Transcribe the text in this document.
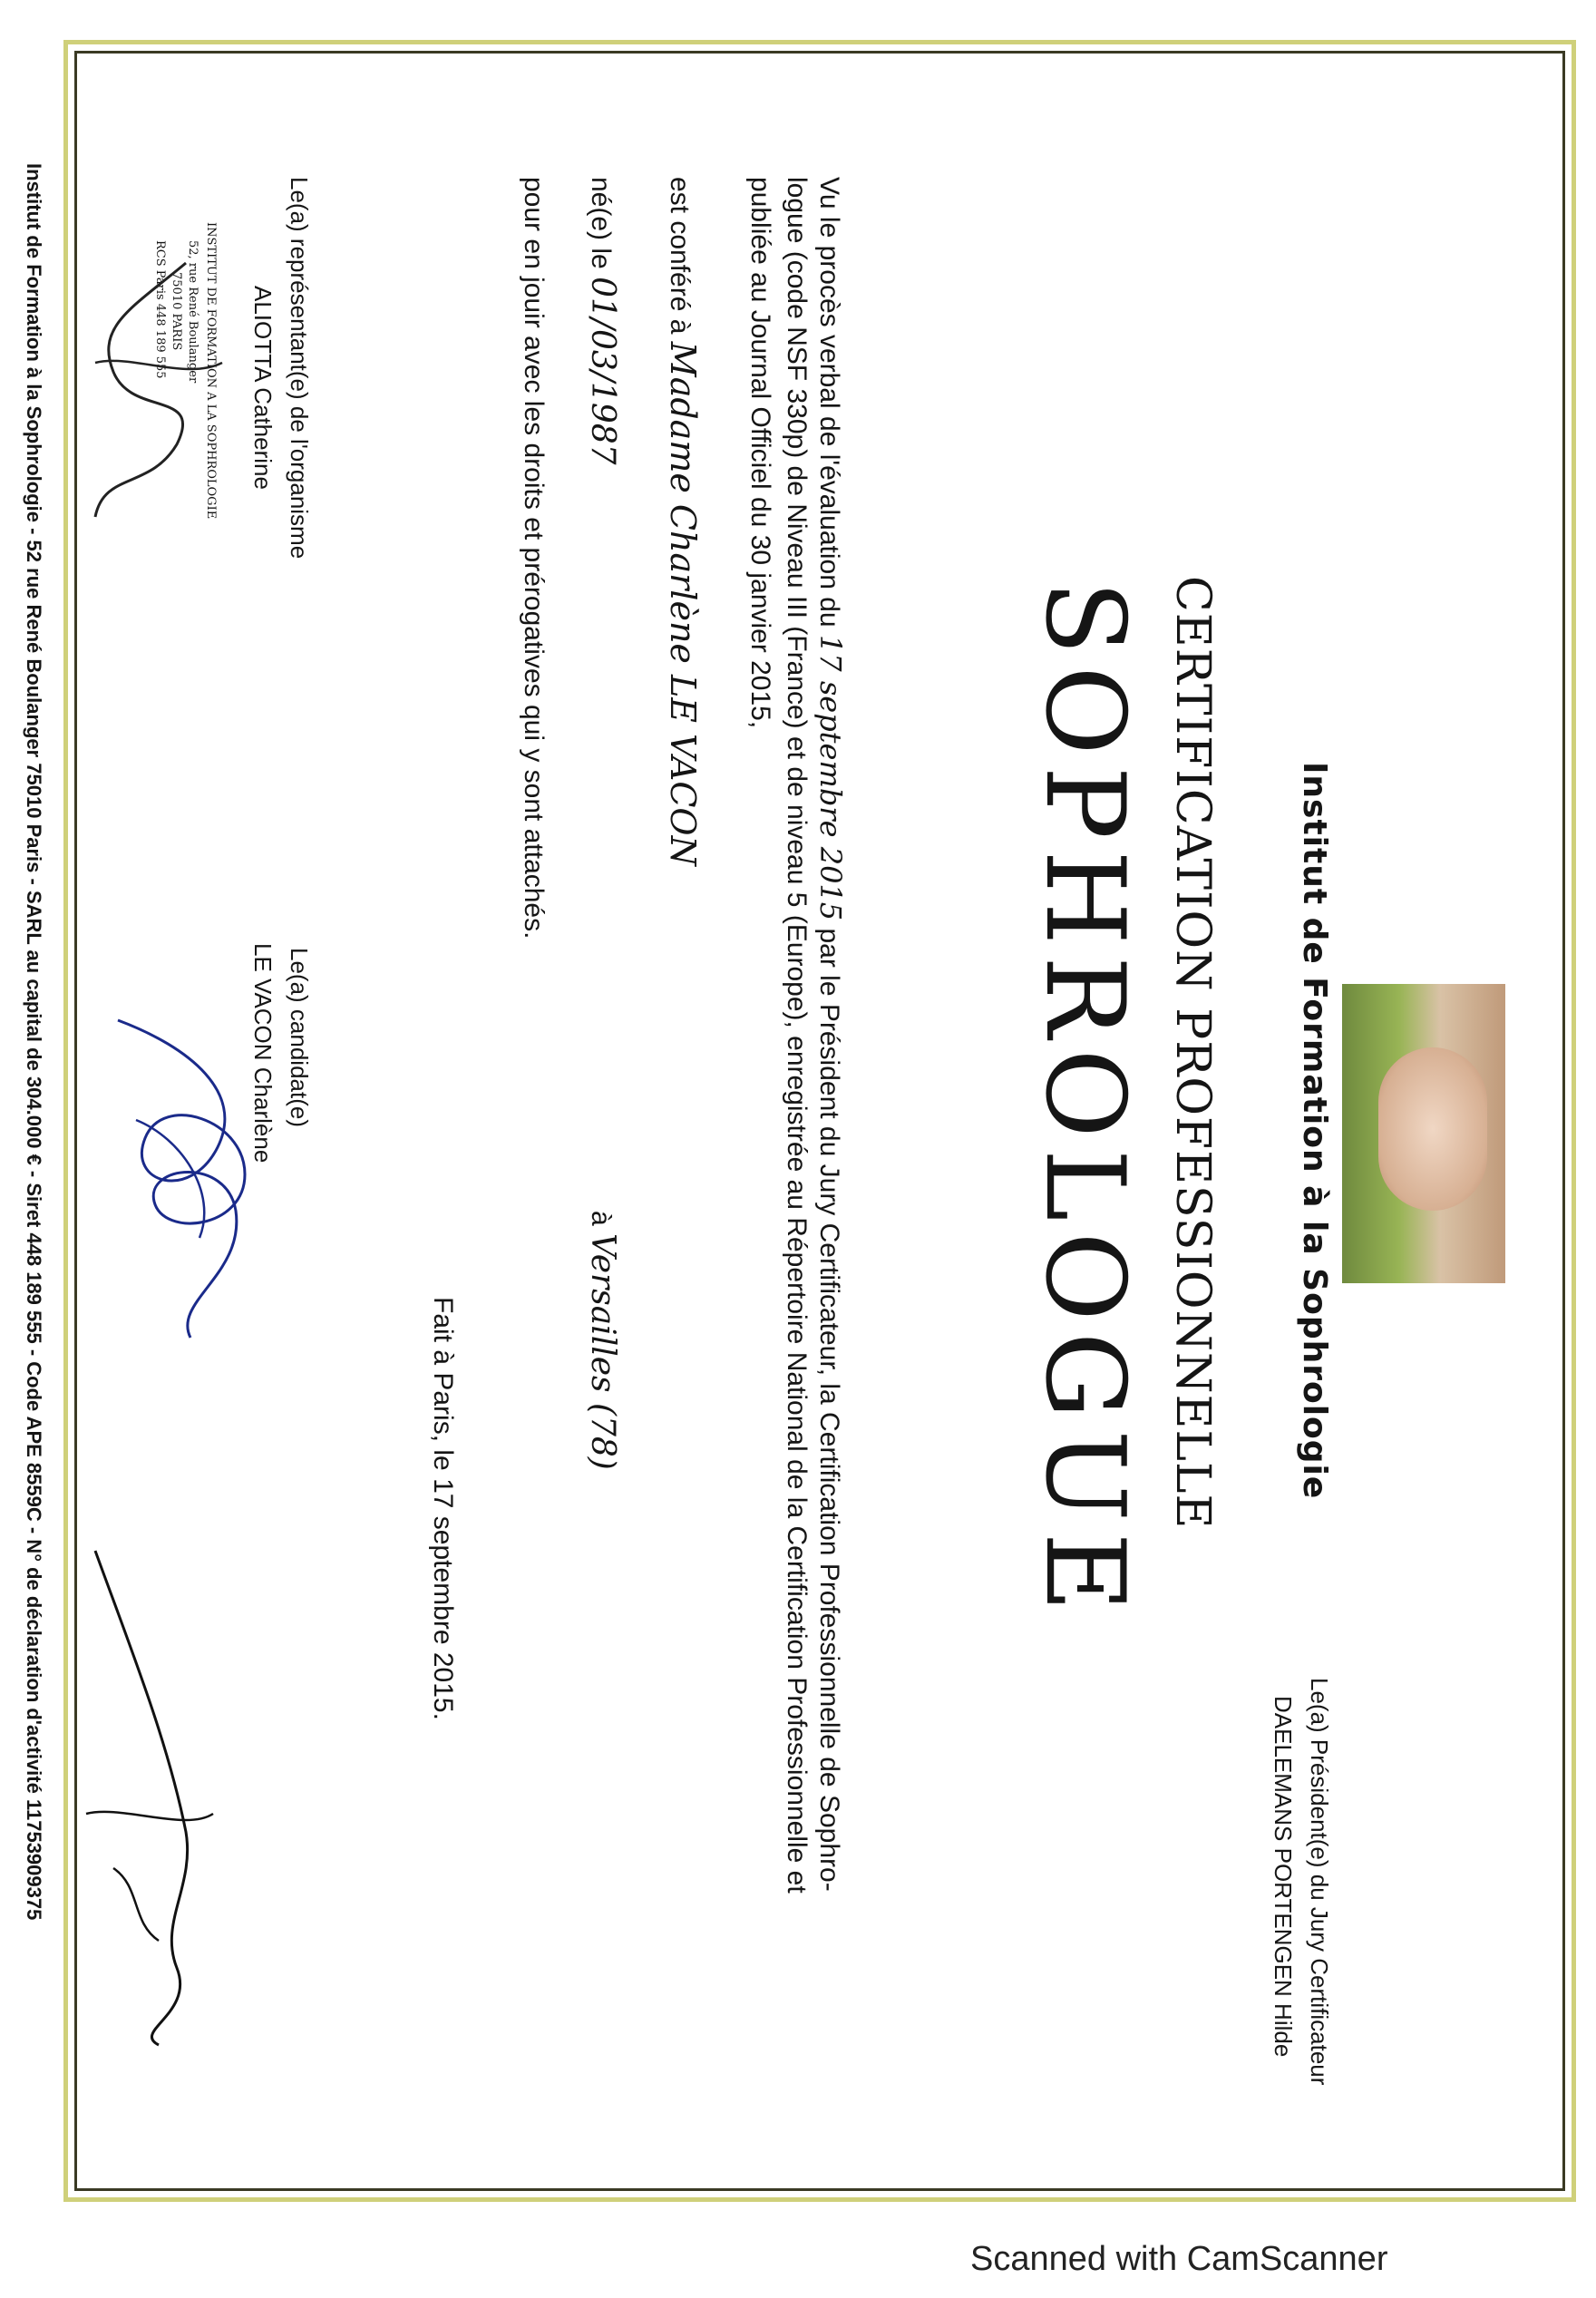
Institut de Formation à la Sophrologie
CERTIFICATION PROFESSIONNELLE
SOPHROLOGUE
Vu le procès verbal de l'évaluation du 17 septembre 2015 par le Président du Jury Certificateur, la Certification Professionnelle de Sophro-
logue (code NSF 330p) de Niveau III (France) et de niveau 5 (Europe), enregistrée au Répertoire National de la Certification Professionnelle et
publiée au Journal Officiel du 30 janvier 2015,
est conféré à Madame Charlène LE VACON
né(e) le 01/03/1987
à Versailles (78)
pour en jouir avec les droits et prérogatives qui y sont attachés.
Fait à Paris, le 17 septembre 2015.
Le(a) représentant(e) de l'organisme
ALIOTTA Catherine
Le(a) candidat(e)
LE VACON Charlène
Le(a) Président(e) du Jury Certificateur
DAELEMANS PORTENGEN Hilde
INSTITUT DE FORMATION A LA SOPHROLOGIE
52, rue René Boulanger
75010 PARIS
RCS Paris 448 189 555
Institut de Formation à la Sophrologie - 52 rue René Boulanger 75010 Paris - SARL au capital de 304.000 € - Siret 448 189 555 - Code APE 8559C - N° de déclaration d'activité 11753909375
Scanned with CamScanner
